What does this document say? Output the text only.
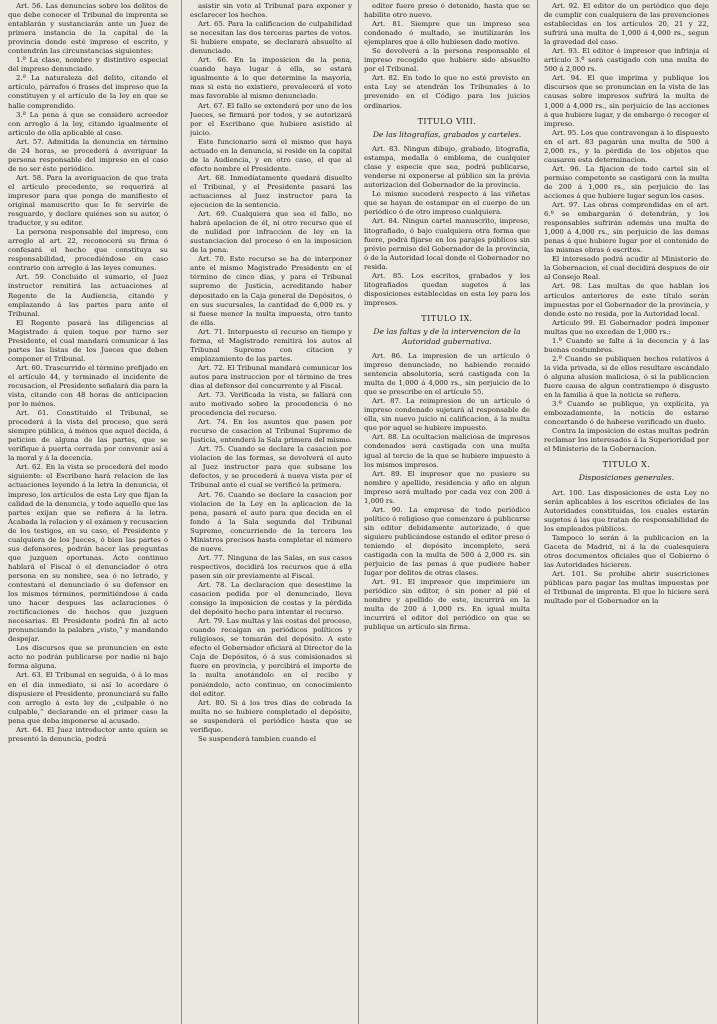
Art. 56. Las denuncias sobre los delitos de que debe conocer el Tribunal de imprenta se entablarán y sustanciarán ante un Juez de primera instancia de la capital de la provincia donde esté impreso el escrito, y contendrán las circunstancias siguientes:

1.ª La clase, nombre y distintivo especial del impreso denunciado.

2.ª La naturaleza del delito, citando el artículo, párrafos ó frases del impreso que la constituyen y el artículo de la ley en que se halle comprendido.

3.ª La pena á que se considere acreedor con arreglo á la ley, citando igualmente el artículo de ella aplicable al caso.

Art. 57. Admitida la denuncia en término de 24 horas, se procederá á averiguar la persona responsable del impreso en el caso de no ser éste periódico.

Art. 58. Para la averiguacion de que trata el artículo precedente, se requerirá al impresor para que ponga de manifiesto el original manuscrito que le fe servirle de resguardo, y declare quiénes son su autor, ó traductor, y su editor.

La persona responsable del impreso, con arreglo al art. 22, reconocerá su firma ó confesará el hecho que constituya su responsabilidad, procediéndose en caso contrario con arreglo á las leyes comunes.

Art. 59. Concluido el sumario, el Juez instructor remitirá las actuaciones al Regente de la Audiencia, citando y emplazando á las partes para ante el Tribunal.

El Regente pasará las diligencias al Magistrado á quien toque por turno ser Presidente, el cual mandará comunicar á las partes las listas de los Jueces que deben componer el Tribunal.

Art. 60. Trascurrido el término prefijado en el artículo 44, y terminado el incidente de recusacion, el Presidente señalará dia para la vista, citando con 48 horas de anticipacion por lo ménos.

Art. 61. Constituido el Tribunal, se procederá á la vista del proceso, que será siempre pública, á ménos que aquel decida, á peticion de alguna de las partes, que se verifique á puerta cerrada por convenir así á la moral y á la decencia.

Art. 62. En la vista se procederá del modo siguiente: el Escribano hará relacion de las actuaciones leyendo á la letra la denuncia, el impreso, los artículos de esta Ley que fijan la calidad de la denuncia, y todo aquello que las partes exijan que se refiera á la letra. Acabada la relacion y el exámen y recusacion de los testigos, en su caso, el Presidente y cualquiera de los Jueces, ó bien las partes ó sus defensores, podrán hacer las preguntas que juzguen oportunas. Acto continuo hablará el Fiscal ó el denunciador ó otra persona en su nombre, sea ó no letrado, y contestará el denunciado ó su defensor en los mismos términos, permitiéndose á cada uno hacer despues las aclaraciones ó rectificaciones de hechos que juzguen necesarias. El Presidente podrá fin al acto pronunciando la palabra „visto,“ y mandando despejar.

Los discursos que se pronuncien en este acto no podrán publicarse por nadie ni bajo forma alguna.

Art. 63. El Tribunal en seguida, ó á lo mas en el dia inmediato, si así lo acordare ó dispusiere el Presidente, pronunciará su fallo con arreglo á esta ley de „culpable ó no culpable,“ declarando en el primer caso la pena que deba imponerse al acusado.

Art. 64. El Juez introductor ante quien se presentó la denuncia, podrá

asistir sin voto al Tribunal para exponer y esclarecer los hechos.

Art. 65. Para la calificacion de culpabilidad se necesitan las dos terceras partes de votos. Si hubiere empate, se declarará absuelto al denunciado.

Art. 66. En la imposicion de la pena, cuando haya lugar á ella, se estará igualmente á lo que determine la mayoría, mas si esta no existiere, prevalecerá el voto mas favorable al mismo denunciado.

Art. 67. El fallo se extenderá por uno de los Jueces, se firmará por todos, y se autorizará por el Escribano que hubiere asistido al juicio.

Este funcionario será el mismo que haya actuado en la denuncia, si reside en la capital de la Audiencia, y en otro caso, el que al efecto nombre el Presidente.

Art. 68. Inmediatamente quedará disuelto el Tribunal, y el Presidente pasará las actuaciones al Juez instructor para la ejecucion de la sentencia.

Art. 69. Cualquiera que sea el fallo, no habrá apelacion de él, ni otro recurso que el de nulidad por infraccion de ley en la sustanciacion del proceso ó en la imposicion de la pena.

Art. 70. Este recurso se ha de interponer ante el mismo Magistrado Presidente en el término de cinco dias, y para el Tribunal supremo de Justicia, acreditando haber depositado en la Caja general de Depósitos, ó en sus sucursales, la cantidad de 6,000 rs. y si fuese menor la multa impuesta, otro tanto de ella.

Art. 71. Interpuesto el recurso en tiempo y forma, el Magistrado remitirá los autos al Tribunal Supremo con citacion y emplazamiento de las partes.

Art. 72. El Tribunal mandará comunicar los autos para instruccion por el término de tres dias al defensor del concurrente y al Fiscal.

Art. 73. Verificada la vista, se fallará con auto motivado sobre la procedencia ó no procedencia del recurso.

Art. 74. En los asuntos que pasen por recurso de casacion al Tribunal Supremo de Justicia, entenderá la Sala primera del mismo.

Art. 75. Cuando se declare la casacion por violacion de las formas, se devolverá el auto al Juez instructor para que subsane los defectos, y se procederá á nueva vista por el Tribunal ante el cual se verificó la primera.

Art. 76. Cuando se declare la casacion por violacion de la Ley en la aplicacion de la pena, pasará el auto para que decida en el fondo á la Sala segunda del Tribunal Supremo, concurriendo de la tercera los Ministros precisos hasta completar el número de nueve.

Art. 77. Ninguna de las Salas, en sus casos respectivos, decidirá los recursos que á ella pasen sin oir previamente al Fiscal.

Art. 78. La declaracion que desestime la casacion pedida por el denunciado, lleva consigo la imposicion de costas y la pérdida del depósito hecho para intentar el recurso.

Art. 79. Las multas y las costas del proceso, cuando recaigan en periódicos políticos y religiosos, se tomarán del depósito. A este efecto el Gobernador oficiará al Director de la Caja de Depósitos, ó á sus comisionados si fuere en provincia, y percibirá el importe de la multa anotándolo en el recibo y poniéndolo, acto continuo, en conocimiento del editor.

Art. 80. Si á los tres dias de cobrada la multa no se hubiere completado el depósito, se suspenderá el periódico hasta que se verifique.

Se suspenderá tambien cuando el

editor fuere preso ó detenido, hasta que se habilite otro nuevo.

Art. 81. Siempre que un impreso sea condenado ó multado, se inutilizarán los ejemplares que á ello hubiesen dado motivo.

Se devolverá a la persona responsable el impreso recogido que hubiere sido absuelto por el Tribunal.

Art. 82. En todo lo que no esté previsto en esta Ley se atendrán los Tribunales á lo prevenido en el Código para los juicios ordinarios.

TITULO VIII.

De las litografías, grabados y carteles.

Art. 83. Ningun dibujo, grabado, litografía, estampa, medalla ó emblema, de cualquier clase y especie que sea, podrá publicarse, venderse ni exponerse al público sin la prévia autorizacion del Gobernador de la provincia.

Lo mismo sucederá respecto á las viñetas que se hayan de estampar en el cuerpo de un periódico ó de otro impreso cualquiera.

Art. 84. Ningun cartel manuscrito, impreso, litografiado, ó bajo cualquiera otra forma que fuere, podrá fijarse en los parajes públicos sin prévio permiso del Gobernador de la provincia, ó de la Autoridad local donde el Gobernador no resida.

Art. 85. Los escritos, grabados y los litografiados quedan sugetos á las disposiciones establecidas en esta ley para los impresos.

TITULO IX.

De las faltas y de la intervencion de la Autoridad gubernativa.

Art. 86. La impresion de un artículo ó impreso denunciado, no habiendo recaido sentencia absolutoria, será castigada con la multa de 1,000 á 4,000 rs., sin perjuicio de lo que se prescribe en el artículo 55.

Art. 87. La reimpresion de un artículo ó impreso condenado sujetará al responsable de ella, sin nuevo juicio ni calificacion, á la multa que por aquel se hubiere impuesto.

Art. 88. La ocultacion maliciosa de impresos condenados será castigada con una multa igual al tercio de la que se hubiere impuesto á los mismos impresos.

Art. 89. El impresor que no pusiere su nombre y apellido, residencia y año en algun impreso será multado por cada vez con 200 á 1,000 rs.

Art. 90. La empresa de todo periódico político ó religioso que comenzare á publicarse sin editor debidamente autorizado, ó que siguiere publicándose estando el editor preso ó teniendo el depósito incompleto, será castigada con la multa de 500 á 2,000 rs. sin perjuicio de las penas á que pudiere haber lugar por delitos de otras clases.

Art. 91. El impresor que imprimiere un periódico sin editor, ó sin poner al pié el nombre y apellido de este, incurrirá en la multa de 200 á 1,000 rs. En igual multa incurrirá el editor del periódico en que se publique un artículo sin firma.

Art. 92. El editor de un periódico que deje de cumplir con cualquiera de las prevenciones establecidas en los artículos 20, 21 y 22, sufrirá una multa de 1,000 á 4,000 rs., segun la gravedad del caso.

Art. 93. El editor ó impresor que infrinja el artículo 3.º será castigado con una multa de 500 á 2,000 rs.

Art. 94. El que imprima y publique los discursos que se pronuncian en la vista de las causas sobre impresos sufrirá la multa de 1,000 á 4,000 rs., sin perjuicio de las acciones á que hubiere lugar, y de embargo ó recoger el impreso.

Art. 95. Los que contravengan á lo dispuesto en el art. 83 pagarán una multa de 500 á 2,000 rs., y la pérdida de los objetos que causaren esta determinacion.

Art. 96. La fijacion de todo cartel sin el permiso competente se castigará con la multa de 200 á 1,000 rs., sin perjuicio de las acciones á que hubiere lugar segun los casos.

Art. 97. Las obras comprendidas en el art. 6.º se embargarán ó detendrán, y los responsables sufrirán además una multa de 1,000 á 4,000 rs., sin perjuicio de las demas penas á que hubiere lugar por el contenido de las mismas obras ó escritos.

El interesado podrá acudir al Ministerio de la Gobernacion, el cual decidirá despues de oir al Consejo Real.

Art. 98. Las multas de que hablan los artículos anteriores de este título serán impuestas por el Gobernador de la provincia, y donde este no resida, por la Autoridad local.

Artículo 99. El Gobernador podrá imponer multas que no excedan de 1,000 rs.:

1.º Cuando se falte á la decencia y á las buenas costumbres.

2.º Cuando se publiquen hechos relativos á la vida privada, si de ellos resultare escándalo ó alguna alusion maliciosa, ó si la publicacion fuere causa de algun contratiempo ó disgusto en la familia á que la noticia se refiera.

3.º Cuando se publique, ya explícita, ya embozadamente, la noticia de estarse concertando ó de haberse verificado un duelo.

Contra la imposicion de estas multas podrán reclamar los interesados á la Superioridad por el Ministerio de la Gobernacion.

TITULO X.

Disposiciones generales.

Art. 100. Las disposiciones de esta Ley no serán aplicables á los escritos oficiales de las Autoridades constituidas, los cuales estarán sugetos á las que tratan de responsabilidad de los empleados públicos.

Tampoco lo serán á la publicacion en la Gaceta de Madrid, ni á la de cualesquiera otros documentos oficiales que el Gobierno ó las Autoridades hicieren.

Art. 101. Se prohibe abrir suscriciones públicas para pagar las multas impuestas por el Tribunal de imprenta. El que lo hiciere será multado por el Gobernador en la
